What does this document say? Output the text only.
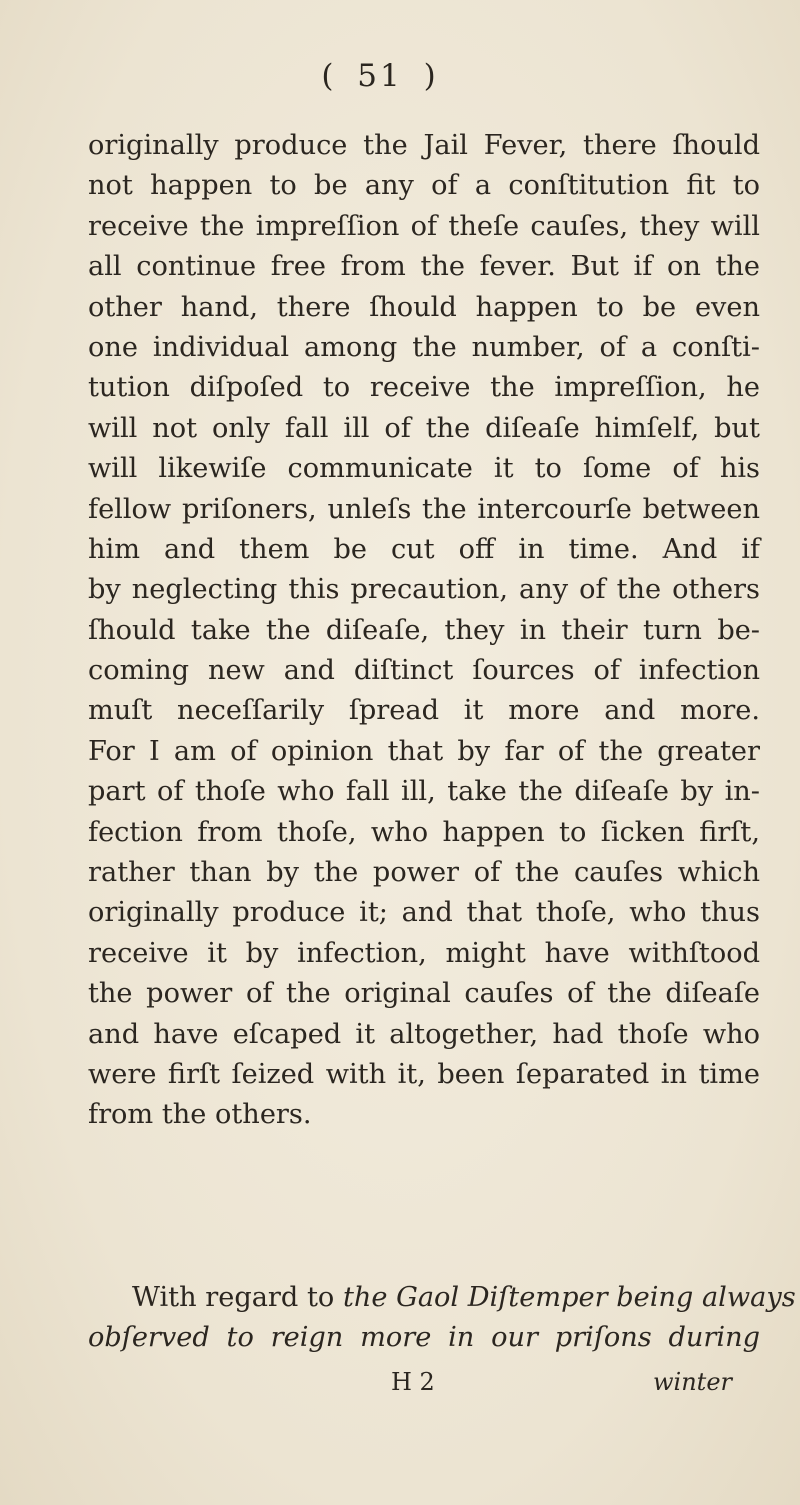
( 51 )
originally produce the Jail Fever, there ſhould
not happen to be any of a conſtitution fit to
receive the impreſſion of theſe cauſes, they will
all continue free from the fever. But if on the
other hand, there ſhould happen to be even
one individual among the number, of a conſti-
tution diſpoſed to receive the impreſſion, he
will not only fall ill of the diſeaſe himſelf, but
will likewiſe communicate it to ſome of his
fellow priſoners, unleſs the intercourſe between
him and them be cut off in time. And if
by neglecting this precaution, any of the others
ſhould take the diſeaſe, they in their turn be-
coming new and diſtinct ſources of infection
muſt neceſſarily ſpread it more and more.
For I am of opinion that by far of the greater
part of thoſe who fall ill, take the diſeaſe by in-
fection from thoſe, who happen to ſicken firſt,
rather than by the power of the cauſes which
originally produce it; and that thoſe, who thus
receive it by infection, might have withſtood
the power of the original cauſes of the diſeaſe
and have eſcaped it altogether, had thoſe who
were firſt ſeized with it, been ſeparated in time
from the others.
With regard to the Gaol Diſtemper being always
obſerved to reign more in our priſons during
H 2	winter
